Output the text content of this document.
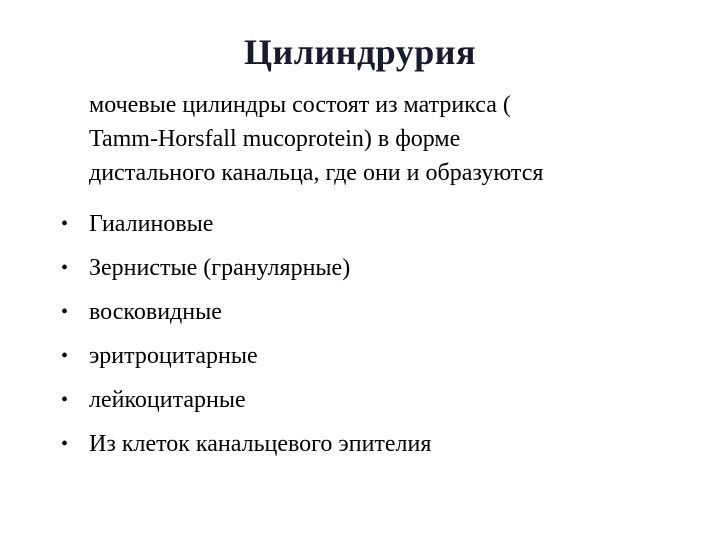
Цилиндрурия
мочевые цилиндры состоят из матрикса (
Tamm-Horsfall mucoprotein) в форме
дистального канальца, где они и образуются
• Гиалиновые
• Зернистые (гранулярные)
• восковидные
• эритроцитарные
• лейкоцитарные
• Из клеток канальцевого эпителия
